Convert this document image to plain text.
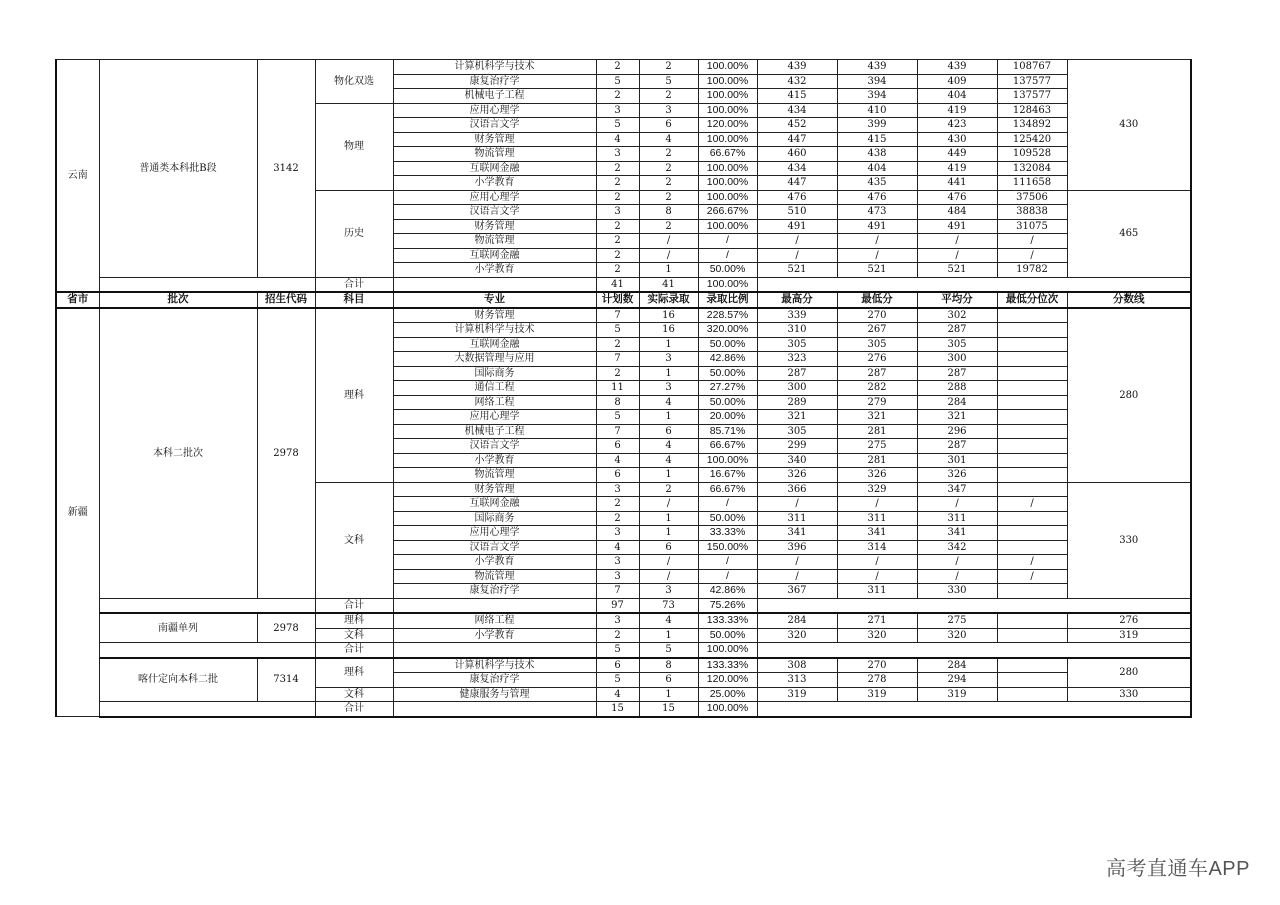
云南	普通类本科批B段	3142	物化双选	计算机科学与技术	2	2	100.00%	439	439	439	108767	430
				康复治疗学	5	5	100.00%	432	394	409	137577	
				机械电子工程	2	2	100.00%	415	394	404	137577	
			物理	应用心理学	3	3	100.00%	434	410	419	128463	
				汉语言文学	5	6	120.00%	452	399	423	134892	
				财务管理	4	4	100.00%	447	415	430	125420	
				物流管理	3	2	66.67%	460	438	449	109528	
				互联网金融	2	2	100.00%	434	404	419	132084	
				小学教育	2	2	100.00%	447	435	441	111658	
			历史	应用心理学	2	2	100.00%	476	476	476	37506	465
				汉语言文学	3	8	266.67%	510	473	484	38838	
				财务管理	2	2	100.00%	491	491	491	31075	
				物流管理	2	/	/	/	/	/	/	
				互联网金融	2	/	/	/	/	/	/	
				小学教育	2	1	50.00%	521	521	521	19782	
			合计		41	41	100.00%					
省市	批次	招生代码	科目	专业	计划数	实际录取	录取比例	最高分	最低分	平均分	最低分位次	分数线
新疆	本科二批次	2978	理科	财务管理	7	16	228.57%	339	270	302		280
				计算机科学与技术	5	16	320.00%	310	267	287		
				互联网金融	2	1	50.00%	305	305	305		
				大数据管理与应用	7	3	42.86%	323	276	300		
				国际商务	2	1	50.00%	287	287	287		
				通信工程	11	3	27.27%	300	282	288		
				网络工程	8	4	50.00%	289	279	284		
				应用心理学	5	1	20.00%	321	321	321		
				机械电子工程	7	6	85.71%	305	281	296		
				汉语言文学	6	4	66.67%	299	275	287		
				小学教育	4	4	100.00%	340	281	301		
				物流管理	6	1	16.67%	326	326	326		
			文科	财务管理	3	2	66.67%	366	329	347		330
				互联网金融	2	/	/	/	/	/	/	
				国际商务	2	1	50.00%	311	311	311		
				应用心理学	3	1	33.33%	341	341	341		
				汉语言文学	4	6	150.00%	396	314	342		
				小学教育	3	/	/	/	/	/	/	
				物流管理	3	/	/	/	/	/	/	
				康复治疗学	7	3	42.86%	367	311	330		
			合计		97	73	75.26%					
	南疆单列	2978	理科	网络工程	3	4	133.33%	284	271	275		276
			文科	小学教育	2	1	50.00%	320	320	320		319
			合计		5	5	100.00%					
	喀什定向本科二批	7314	理科	计算机科学与技术	6	8	133.33%	308	270	284		280
				康复治疗学	5	6	120.00%	313	278	294		
			文科	健康服务与管理	4	1	25.00%	319	319	319		330
			合计		15	15	100.00%					
高考直通车APP
